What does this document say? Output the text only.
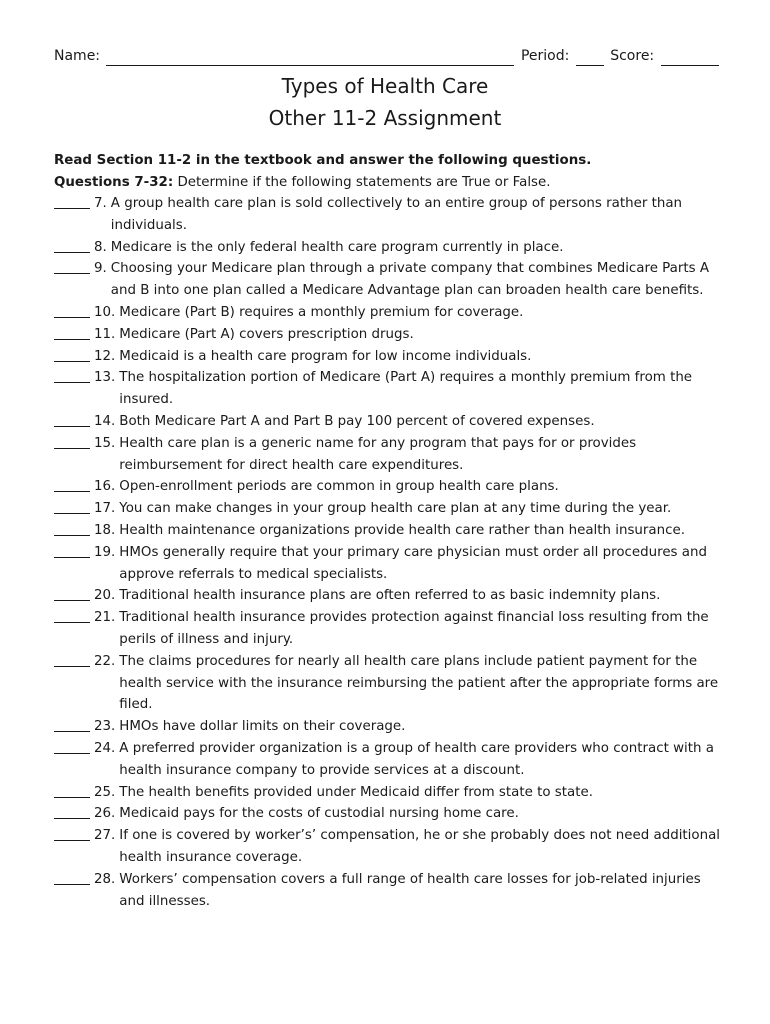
Name:	Period:	Score:
Types of Health Care
Other 11-2 Assignment
Read Section 11-2 in the textbook and answer the following questions.
Questions 7-32: Determine if the following statements are True or False.
7. A group health care plan is sold collectively to an entire group of persons rather than individuals.
8. Medicare is the only federal health care program currently in place.
9. Choosing your Medicare plan through a private company that combines Medicare Parts A and B into one plan called a Medicare Advantage plan can broaden health care benefits.
10. Medicare (Part B) requires a monthly premium for coverage.
11. Medicare (Part A) covers prescription drugs.
12. Medicaid is a health care program for low income individuals.
13. The hospitalization portion of Medicare (Part A) requires a monthly premium from the insured.
14. Both Medicare Part A and Part B pay 100 percent of covered expenses.
15. Health care plan is a generic name for any program that pays for or provides reimbursement for direct health care expenditures.
16. Open-enrollment periods are common in group health care plans.
17. You can make changes in your group health care plan at any time during the year.
18. Health maintenance organizations provide health care rather than health insurance.
19. HMOs generally require that your primary care physician must order all procedures and approve referrals to medical specialists.
20. Traditional health insurance plans are often referred to as basic indemnity plans.
21. Traditional health insurance provides protection against financial loss resulting from the perils of illness and injury.
22. The claims procedures for nearly all health care plans include patient payment for the health service with the insurance reimbursing the patient after the appropriate forms are filed.
23. HMOs have dollar limits on their coverage.
24. A preferred provider organization is a group of health care providers who contract with a health insurance company to provide services at a discount.
25. The health benefits provided under Medicaid differ from state to state.
26. Medicaid pays for the costs of custodial nursing home care.
27. If one is covered by worker’s’ compensation, he or she probably does not need additional health insurance coverage.
28. Workers’ compensation covers a full range of health care losses for job-related injuries and illnesses.
